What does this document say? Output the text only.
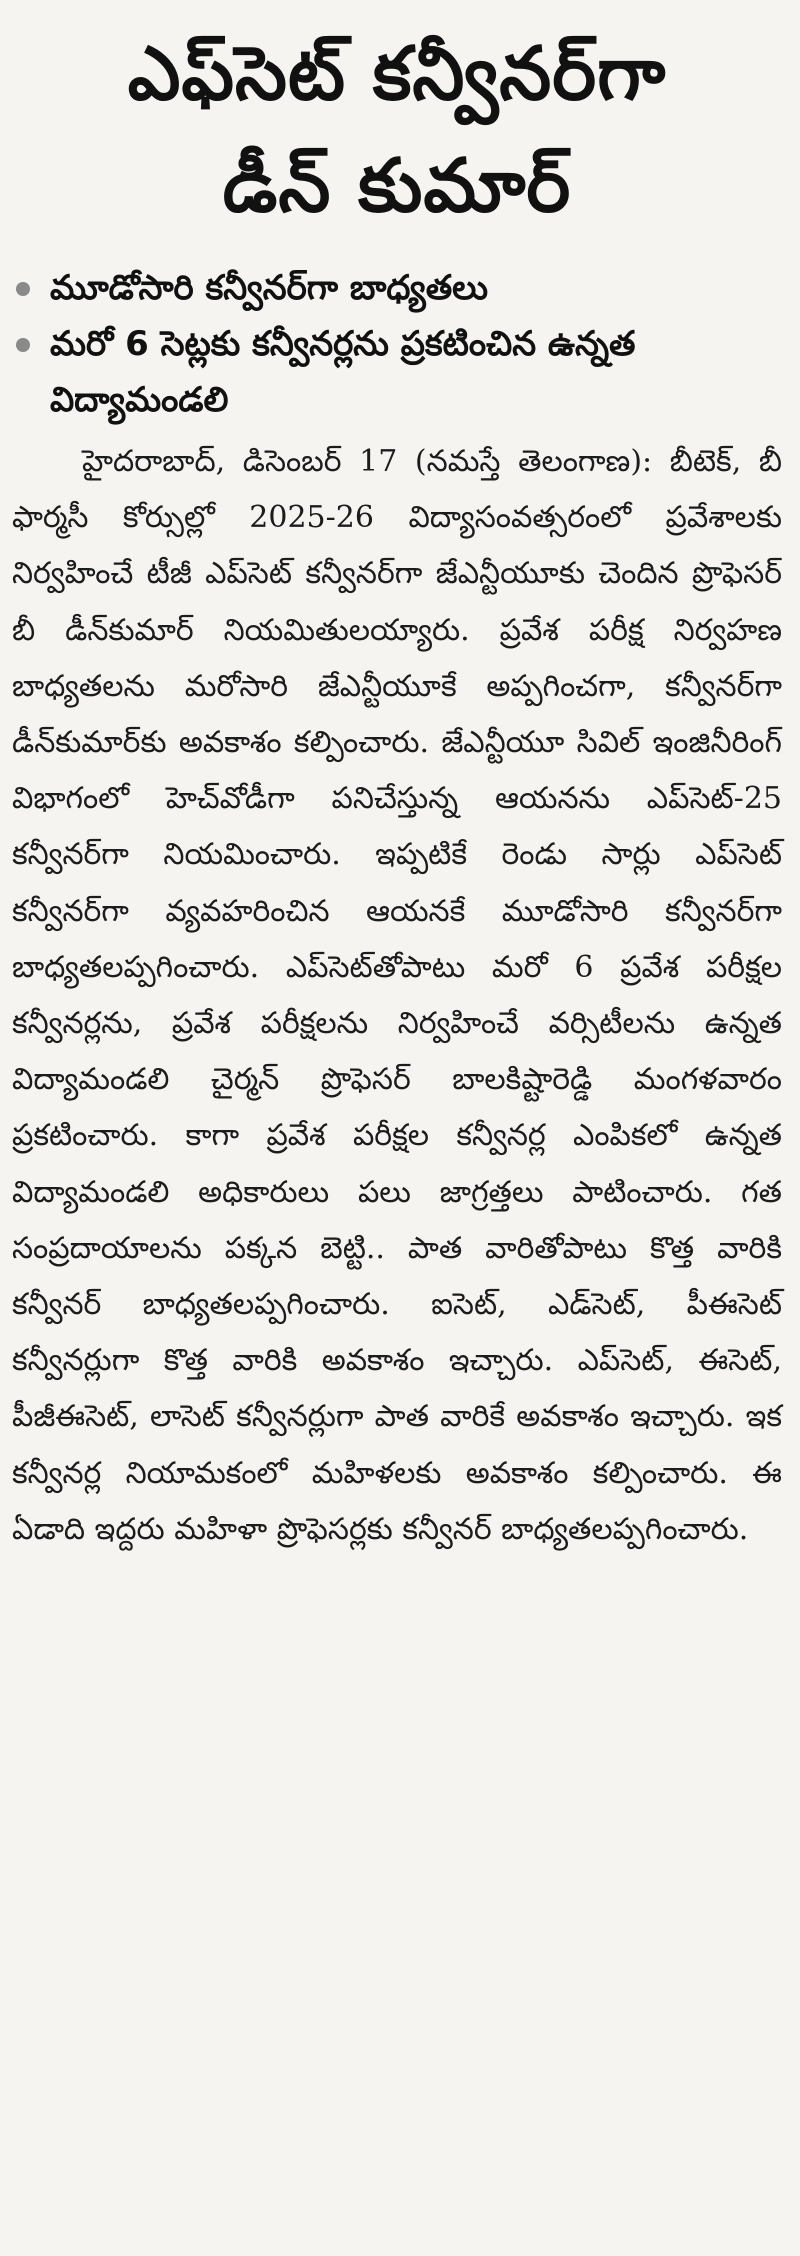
ఎఫ్‌సెట్ కన్వీనర్‌గా
డీన్ కుమార్
మూడోసారి కన్వీనర్‌గా బాధ్యతలు
మరో 6 సెట్లకు కన్వీనర్లను ప్రకటించిన ఉన్నత విద్యామండలి

హైదరాబాద్, డిసెంబర్ 17 (నమస్తే తెలంగాణ): బీటెక్, బీ ఫార్మసీ కోర్సుల్లో 2025-26 విద్యాసంవత్సరంలో ప్రవేశాలకు నిర్వహించే టీజీ ఎప్‌సెట్ కన్వీనర్‌గా జేఎన్టీయూకు చెందిన ప్రొఫెసర్ బీ డీన్‌కుమార్ నియమితులయ్యారు. ప్రవేశ పరీక్ష నిర్వహణ బాధ్యతలను మరోసారి జేఎన్టీయూకే అప్పగించగా, కన్వీనర్‌గా డీన్‌కుమార్‌కు అవకాశం కల్పించారు. జేఎన్టీయూ సివిల్ ఇంజినీరింగ్ విభాగంలో హెచ్‌వోడీగా పనిచేస్తున్న ఆయనను ఎప్‌సెట్-25 కన్వీనర్‌గా నియమించారు. ఇప్పటికే రెండు సార్లు ఎప్‌సెట్ కన్వీనర్‌గా వ్యవహరించిన ఆయనకే మూడోసారి కన్వీనర్‌గా బాధ్యతలప్పగించారు. ఎప్‌సెట్‌తోపాటు మరో 6 ప్రవేశ పరీక్షల కన్వీనర్లను, ప్రవేశ పరీక్షలను నిర్వహించే వర్సిటీలను ఉన్నత విద్యామండలి చైర్మన్ ప్రొఫెసర్ బాలకిష్టారెడ్డి మంగళవారం ప్రకటించారు. కాగా ప్రవేశ పరీక్షల కన్వీనర్ల ఎంపికలో ఉన్నత విద్యామండలి అధికారులు పలు జాగ్రత్తలు పాటించారు. గత సంప్రదాయాలను పక్కన బెట్టి.. పాత వారితోపాటు కొత్త వారికి కన్వీనర్ బాధ్యతలప్పగించారు. ఐసెట్, ఎడ్‌సెట్, పీఈసెట్ కన్వీనర్లుగా కొత్త వారికి అవకాశం ఇచ్చారు. ఎప్‌సెట్, ఈసెట్, పీజీఈసెట్, లాసెట్ కన్వీనర్లుగా పాత వారికే అవకాశం ఇచ్చారు. ఇక కన్వీనర్ల నియామకంలో మహిళలకు అవకాశం కల్పించారు. ఈ ఏడాది ఇద్దరు మహిళా ప్రొఫెసర్లకు కన్వీనర్ బాధ్యతలప్పగించారు.
